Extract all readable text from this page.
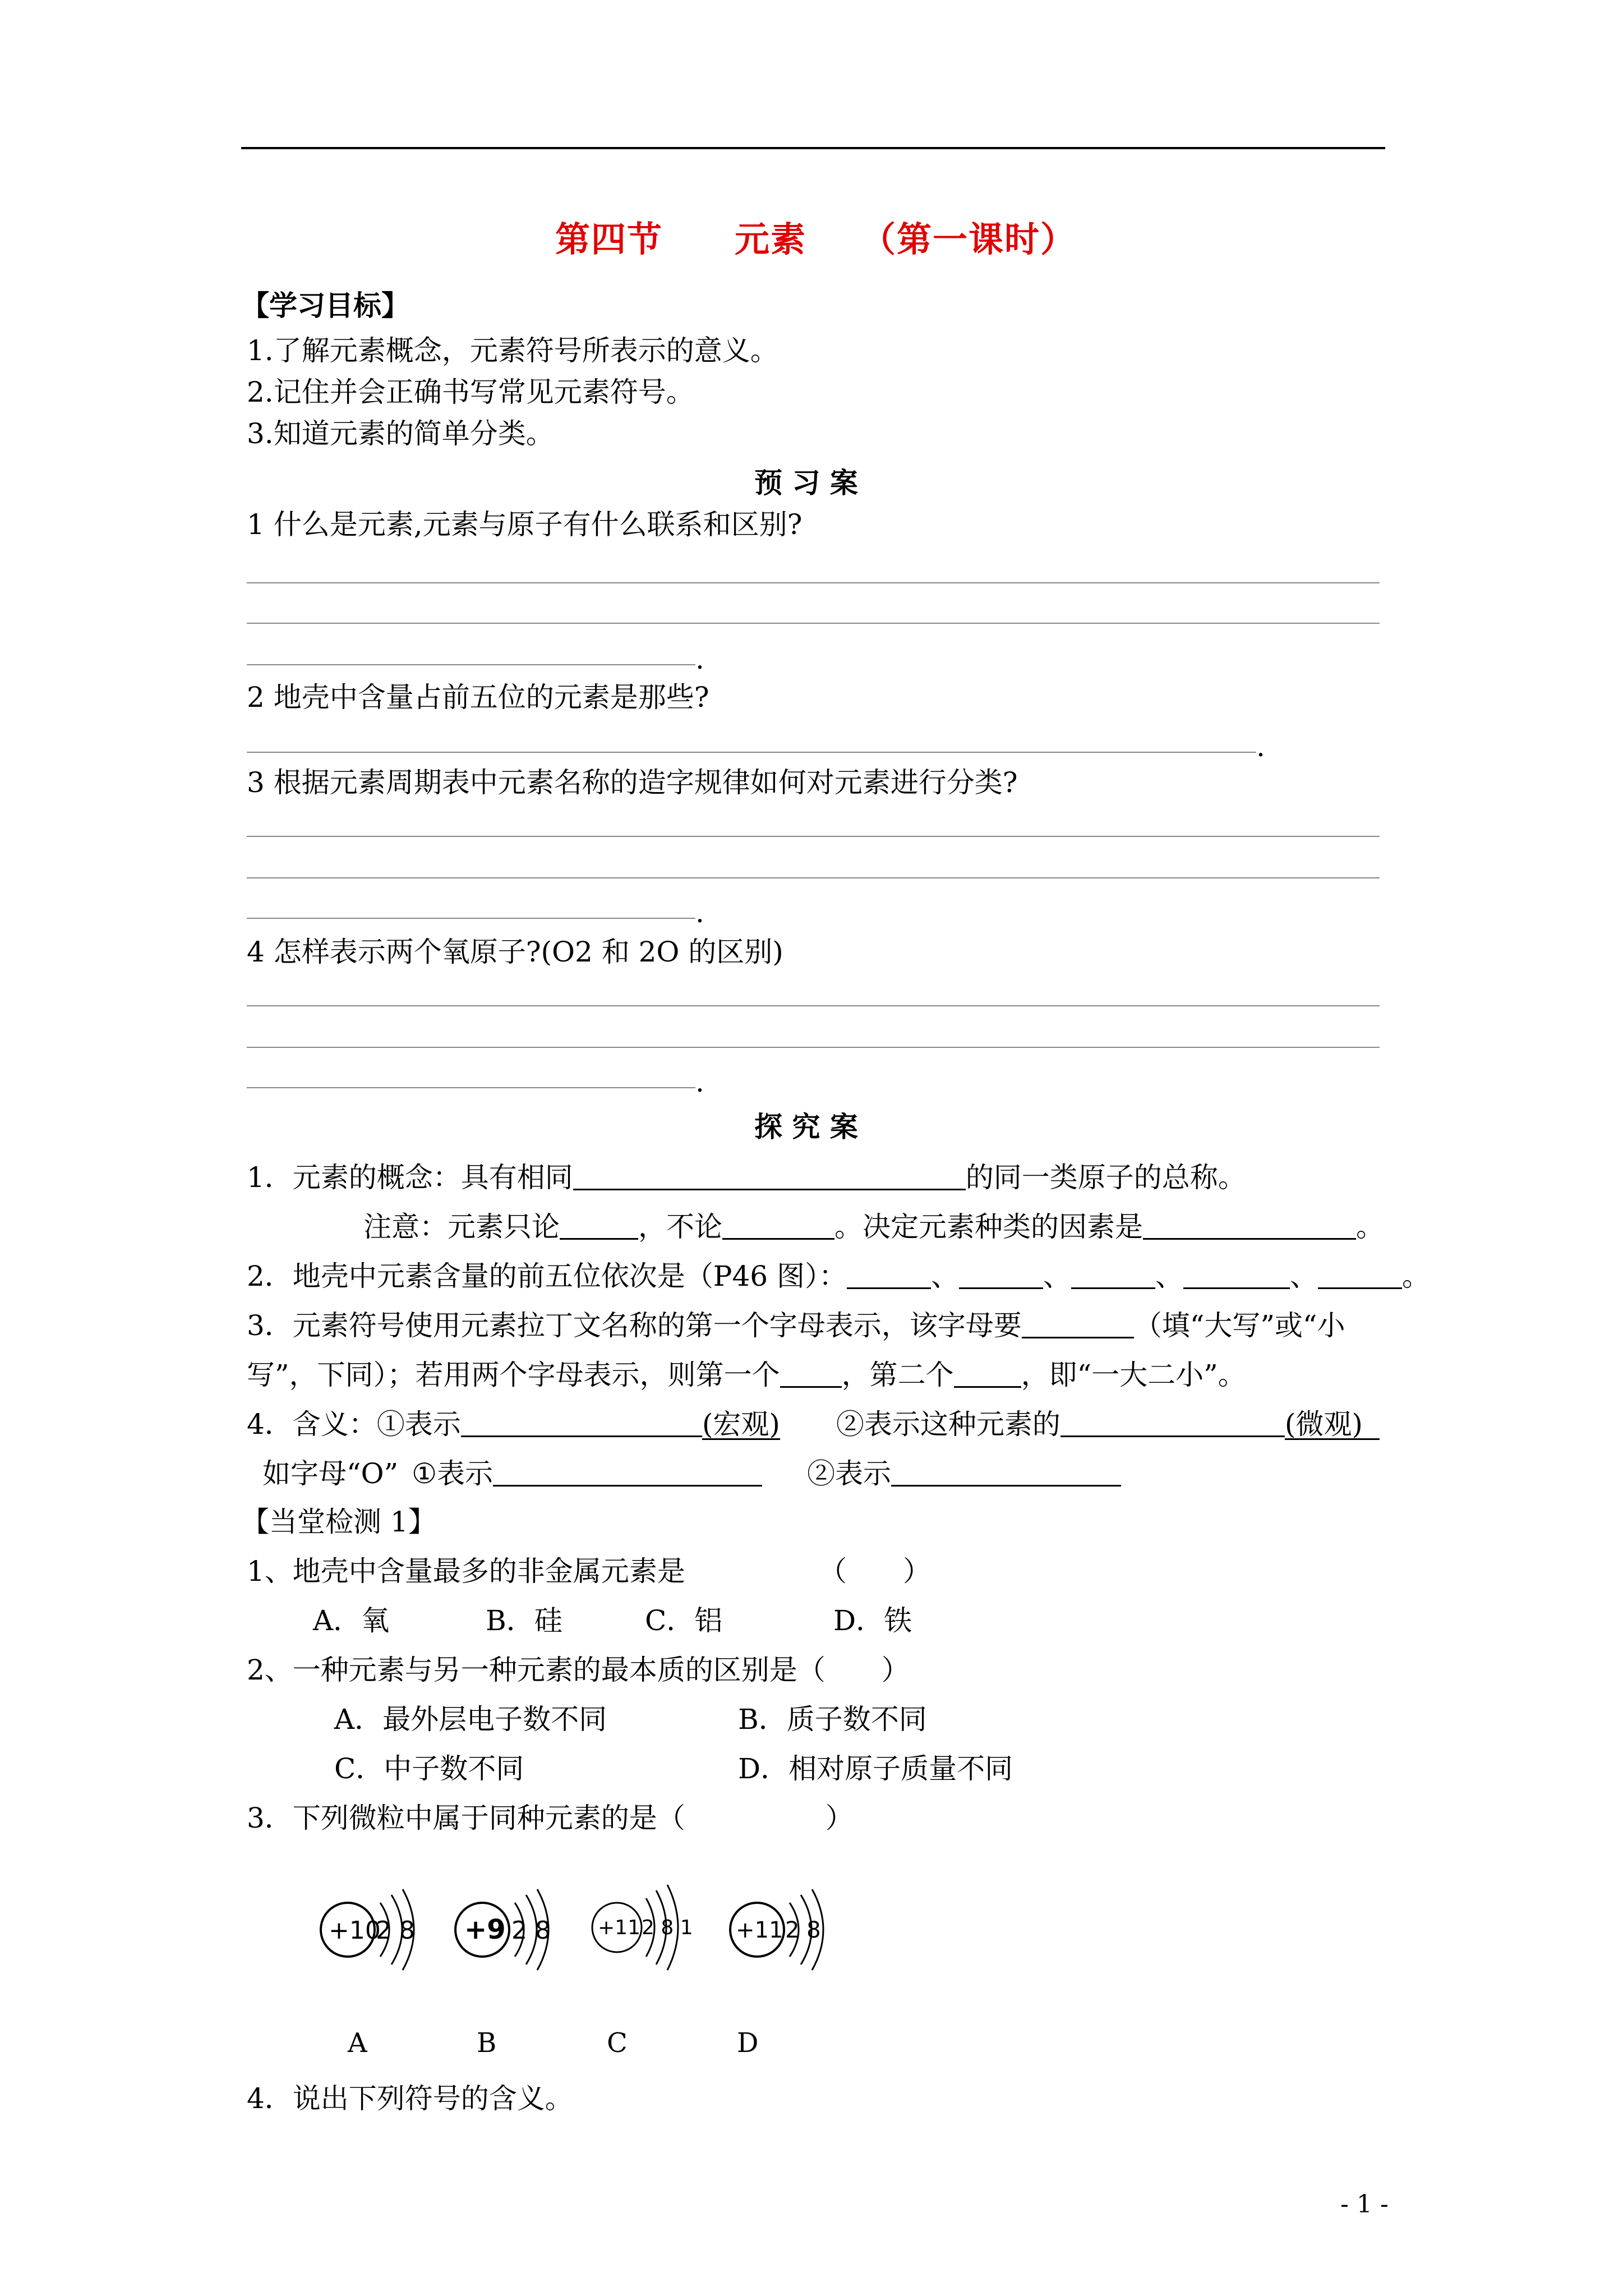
第四节　　元素　　（第一课时）
【学习目标】
1.了解元素概念，元素符号所表示的意义。
2.记住并会正确书写常见元素符号。
3.知道元素的简单分类。
预 习 案
1 什么是元素,元素与原子有什么联系和区别?
.
2 地壳中含量占前五位的元素是那些?
.
3 根据元素周期表中元素名称的造字规律如何对元素进行分类?
.
4 怎样表示两个氧原子?(O2 和 2O 的区别)
.
探 究 案
1．元素的概念：具有相同	的同一类原子的总称。
注意：元素只论	，不论	。决定元素种类的因素是	。
2．地壳中元素含量的前五位依次是（P46 图）：	、	、	、	、	。
3．元素符号使用元素拉丁文名称的第一个字母表示，该字母要	（填“大写”或“小
写”，下同）；若用两个字母表示，则第一个 ，第二个 ，即“一大二小”。
4．含义：①表示	(宏观) ②表示这种元素的	(微观)
如字母“O” ①表示	②表示
【当堂检测 1】
1、地壳中含量最多的非金属元素是	（　　）
A．氧	B．硅	C．铝	D．铁
2、一种元素与另一种元素的最本质的区别是（　　）
A．最外层电子数不同	B．质子数不同
C．中子数不同	D．相对原子质量不同
3．下列微粒中属于同种元素的是（　　　　　）
+10
2 8 +9 2 8 +11 2 8 1 +11 2 8
A	B	C	D
4．说出下列符号的含义。
- 1 -
